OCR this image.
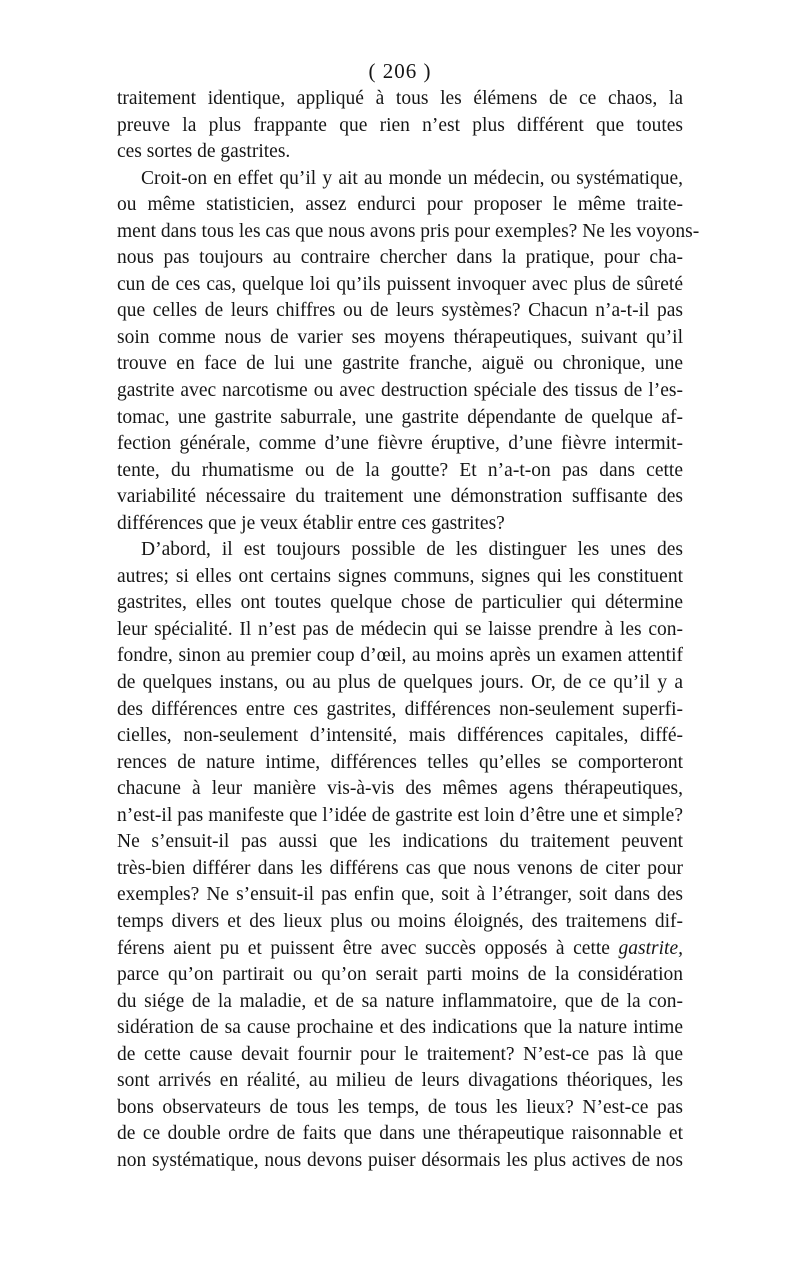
( 206 )
traitement identique, appliqué à tous les élémens de ce chaos, la
preuve la plus frappante que rien n’est plus différent que toutes
ces sortes de gastrites.
Croit-on en effet qu’il y ait au monde un médecin, ou systématique,
ou même statisticien, assez endurci pour proposer le même traite-
ment dans tous les cas que nous avons pris pour exemples? Ne les voyons-
nous pas toujours au contraire chercher dans la pratique, pour cha-
cun de ces cas, quelque loi qu’ils puissent invoquer avec plus de sûreté
que celles de leurs chiffres ou de leurs systèmes? Chacun n’a-t-il pas
soin comme nous de varier ses moyens thérapeutiques, suivant qu’il
trouve en face de lui une gastrite franche, aiguë ou chronique, une
gastrite avec narcotisme ou avec destruction spéciale des tissus de l’es-
tomac, une gastrite saburrale, une gastrite dépendante de quelque af-
fection générale, comme d’une fièvre éruptive, d’une fièvre intermit-
tente, du rhumatisme ou de la goutte? Et n’a-t-on pas dans cette
variabilité nécessaire du traitement une démonstration suffisante des
différences que je veux établir entre ces gastrites?
D’abord, il est toujours possible de les distinguer les unes des
autres; si elles ont certains signes communs, signes qui les constituent
gastrites, elles ont toutes quelque chose de particulier qui détermine
leur spécialité. Il n’est pas de médecin qui se laisse prendre à les con-
fondre, sinon au premier coup d’œil, au moins après un examen attentif
de quelques instans, ou au plus de quelques jours. Or, de ce qu’il y a
des différences entre ces gastrites, différences non-seulement superfi-
cielles, non-seulement d’intensité, mais différences capitales, diffé-
rences de nature intime, différences telles qu’elles se comporteront
chacune à leur manière vis-à-vis des mêmes agens thérapeutiques,
n’est-il pas manifeste que l’idée de gastrite est loin d’être une et simple?
Ne s’ensuit-il pas aussi que les indications du traitement peuvent
très-bien différer dans les différens cas que nous venons de citer pour
exemples? Ne s’ensuit-il pas enfin que, soit à l’étranger, soit dans des
temps divers et des lieux plus ou moins éloignés, des traitemens dif-
férens aient pu et puissent être avec succès opposés à cette gastrite,
parce qu’on partirait ou qu’on serait parti moins de la considération
du siége de la maladie, et de sa nature inflammatoire, que de la con-
sidération de sa cause prochaine et des indications que la nature intime
de cette cause devait fournir pour le traitement? N’est-ce pas là que
sont arrivés en réalité, au milieu de leurs divagations théoriques, les
bons observateurs de tous les temps, de tous les lieux? N’est-ce pas
de ce double ordre de faits que dans une thérapeutique raisonnable et
non systématique, nous devons puiser désormais les plus actives de nos
